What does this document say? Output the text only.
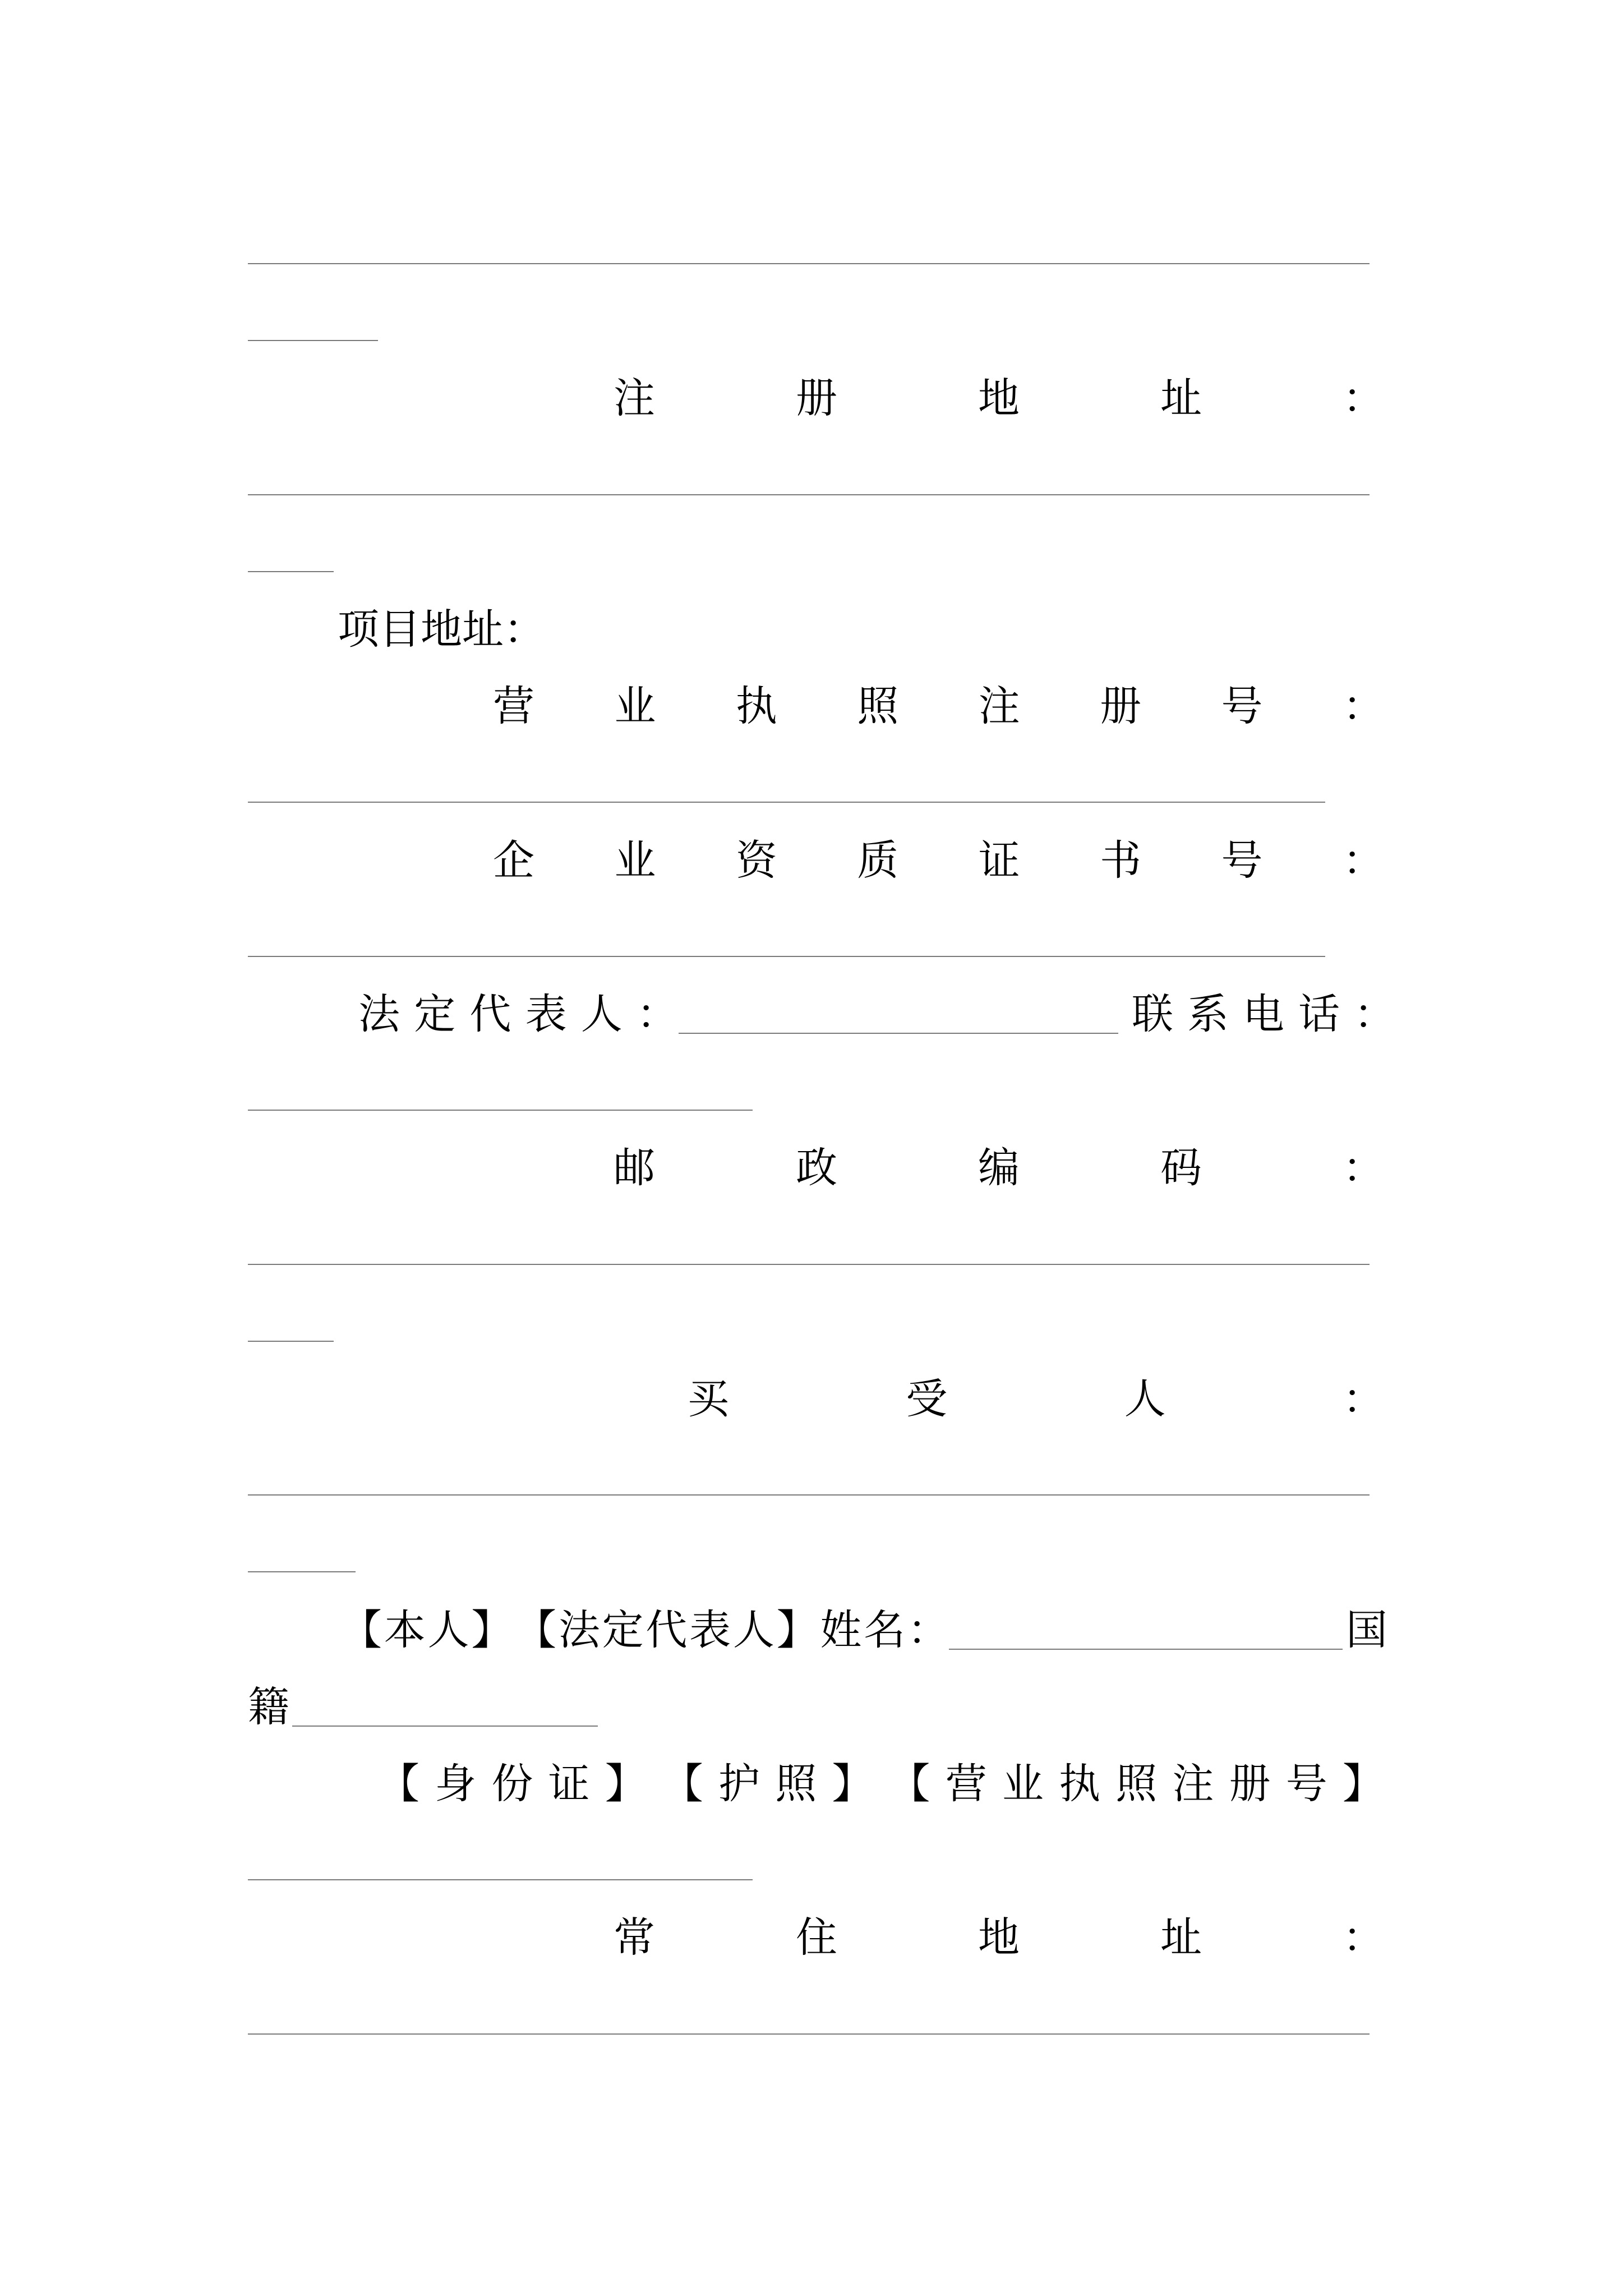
注	册	地	址	：
项 目 地 址 ：
营 业 执 照 注 册 号 ：
企 业 资 质 证 书 号 ：
法 定 代 表 人 ：	联 系 电 话 ：
邮	政	编	码	：
买	受	人	：
【 本 人 】 【 法 定 代 表 人 】 姓 名 ：	国
籍
【 身 份 证 】 【 护 照 】 【 营 业 执 照 注 册 号 】
常	住	地	址	：
